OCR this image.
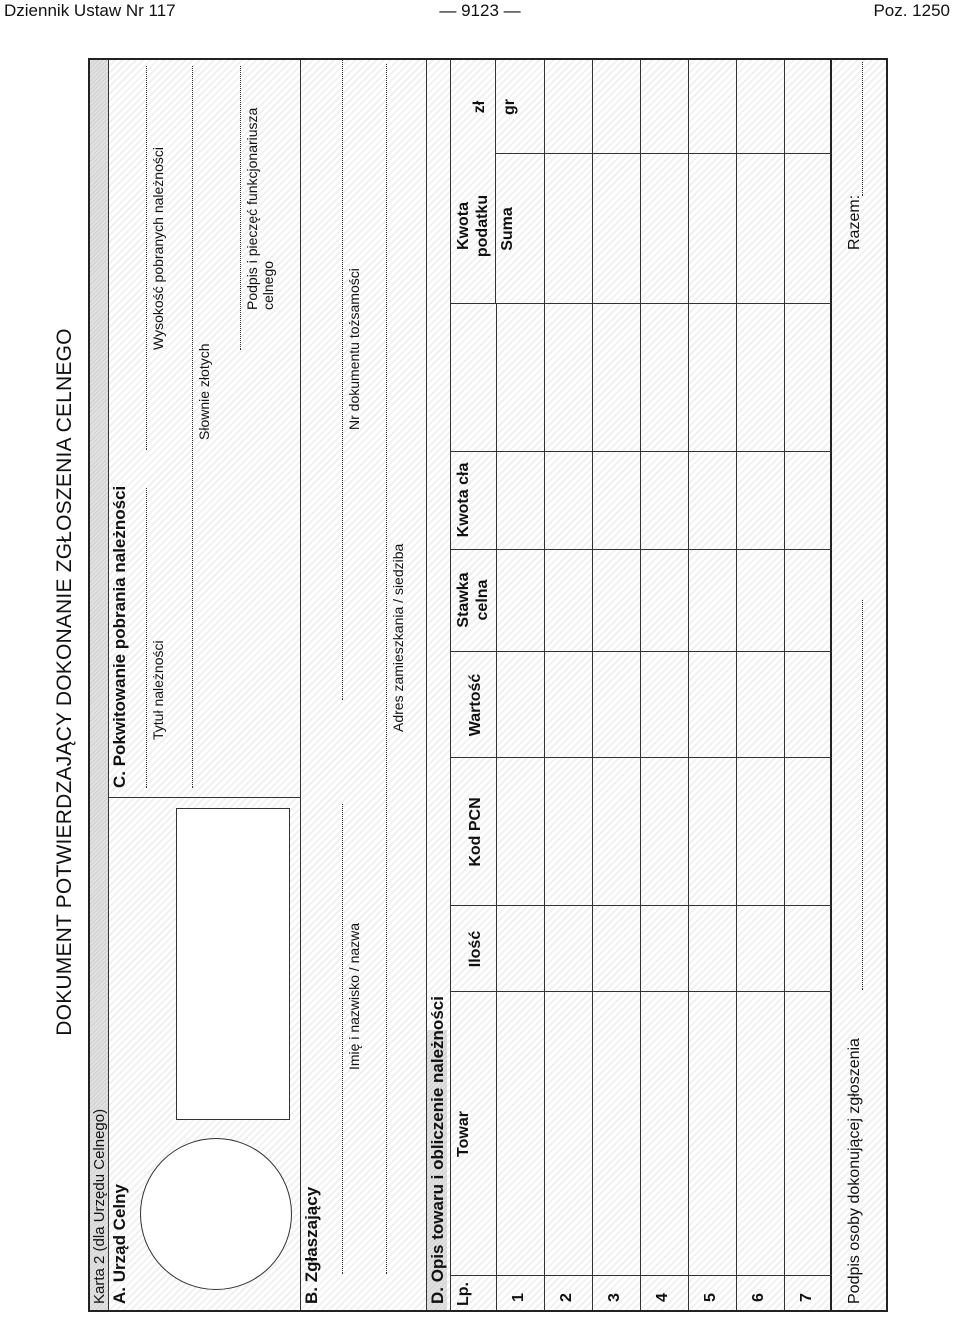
Dziennik Ustaw Nr 117	— 9123 —	Poz. 1250
DOKUMENT POTWIERDZAJĄCY DOKONANIE ZGŁOSZENIA CELNEGO
Karta 2 (dla Urzędu Celnego) A. Urząd Celny
C. Pokwitowanie pobrania należności Tytuł należności
Wysokość pobranych należności
Słownie złotych
Podpis i pieczęć funkcjonariusza celnego
B. Zgłaszający
Imię i nazwisko / nazwa
Adres zamieszkania / siedziba
Nr dokumentu tożsamości
D. Opis towaru i obliczenie należności Lp.
Towar
Ilość
Kod PCN
Wartość
Stawka celna
Kwota cła
Kwota podatku Suma
zł gr
1 2 3 4 5 6 7 Podpis osoby dokonującej zgłoszenia
Razem:
